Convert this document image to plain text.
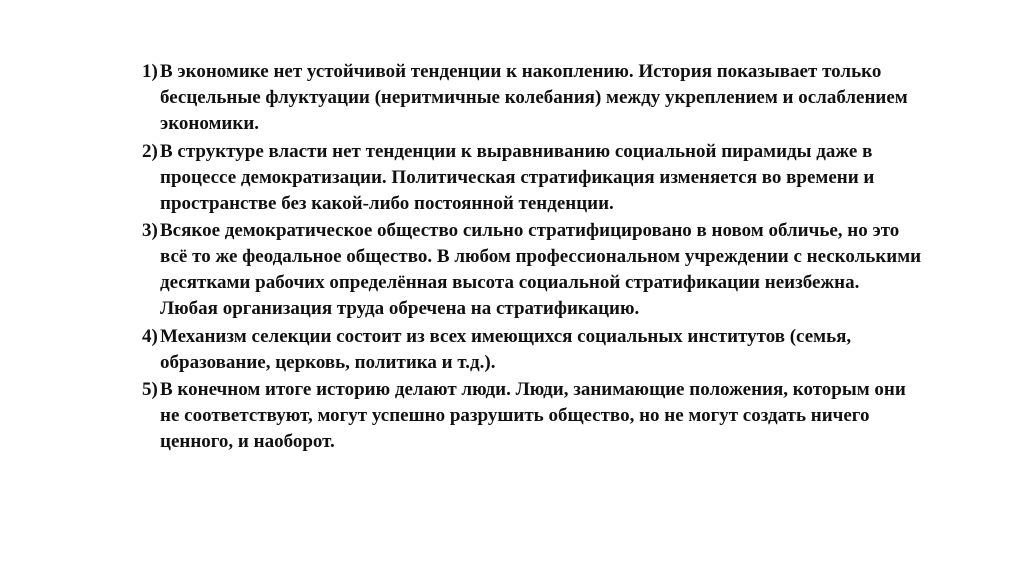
1) В экономике нет устойчивой тенденции к накоплению. История показывает только бесцельные флуктуации (неритмичные колебания) между укреплением и ослаблением экономики.
2) В структуре власти нет тенденции к выравниванию социальной пирамиды даже в процессе демократизации. Политическая стратификация изменяется во времени и пространстве без какой-либо постоянной тенденции.
3) Всякое демократическое общество сильно стратифицировано в новом обличье, но это всё то же феодальное общество. В любом профессиональном учреждении с несколькими десятками рабочих определённая высота социальной стратификации неизбежна. Любая организация труда обречена на стратификацию.
4) Механизм селекции состоит из всех имеющихся социальных институтов (семья, образование, церковь, политика и т.д.).
5) В конечном итоге историю делают люди. Люди, занимающие положения, которым они не соответствуют, могут успешно разрушить общество, но не могут создать ничего ценного, и наоборот.
